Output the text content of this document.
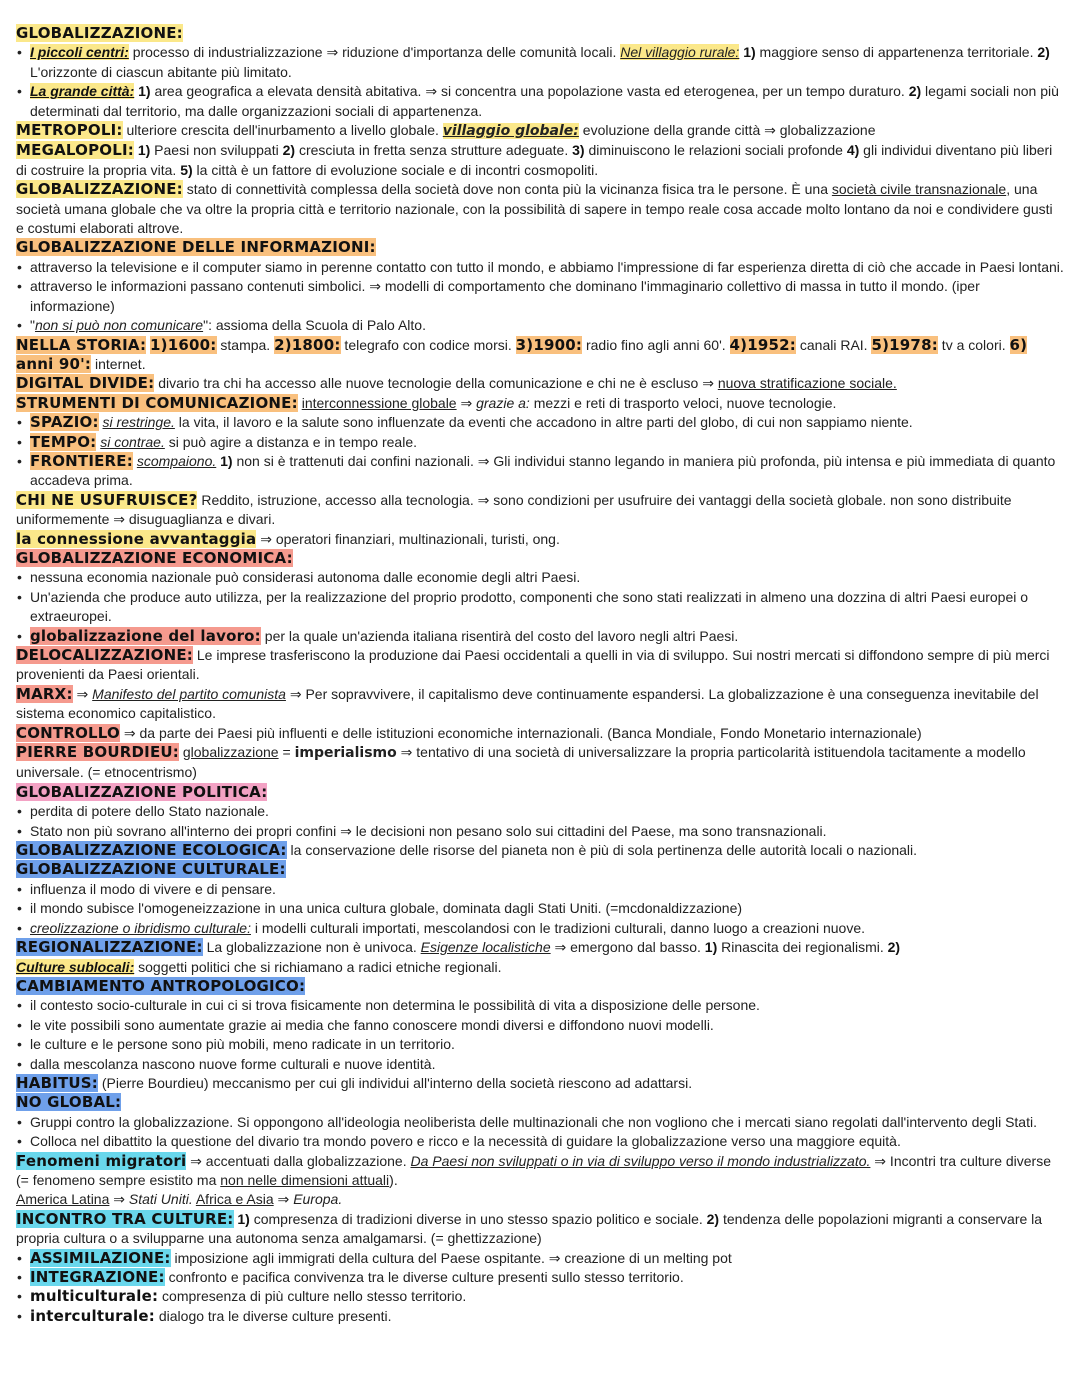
GLOBALIZZAZIONE:
• I piccoli centri: processo di industrializzazione ⇒ riduzione d'importanza delle comunità locali. Nel villaggio rurale: 1) maggiore senso di appartenenza territoriale. 2) L'orizzonte di ciascun abitante più limitato.
• La grande città: 1) area geografica a elevata densità abitativa. ⇒ si concentra una popolazione vasta ed eterogenea, per un tempo duraturo. 2) legami sociali non più determinati dal territorio, ma dalle organizzazioni sociali di appartenenza.
METROPOLI: ulteriore crescita dell'inurbamento a livello globale. villaggio globale: evoluzione della grande città ⇒ globalizzazione
MEGALOPOLI: 1) Paesi non sviluppati 2) cresciuta in fretta senza strutture adeguate. 3) diminuiscono le relazioni sociali profonde 4) gli individui diventano più liberi di costruire la propria vita. 5) la città è un fattore di evoluzione sociale e di incontri cosmopoliti.
GLOBALIZZAZIONE: stato di connettività complessa della società dove non conta più la vicinanza fisica tra le persone. È una società civile transnazionale, una società umana globale che va oltre la propria città e territorio nazionale, con la possibilità di sapere in tempo reale cosa accade molto lontano da noi e condividere gusti e costumi elaborati altrove.
GLOBALIZZAZIONE DELLE INFORMAZIONI:
• attraverso la televisione e il computer siamo in perenne contatto con tutto il mondo, e abbiamo l'impressione di far esperienza diretta di ciò che accade in Paesi lontani.
• attraverso le informazioni passano contenuti simbolici. ⇒ modelli di comportamento che dominano l'immaginario collettivo di massa in tutto il mondo. (iper informazione)
• "non si può non comunicare": assioma della Scuola di Palo Alto.
NELLA STORIA: 1)1600: stampa. 2)1800: telegrafo con codice morsi. 3)1900: radio fino agli anni 60'. 4)1952: canali RAI. 5)1978: tv a colori. 6) anni 90': internet.
DIGITAL DIVIDE: divario tra chi ha accesso alle nuove tecnologie della comunicazione e chi ne è escluso ⇒ nuova stratificazione sociale.
STRUMENTI DI COMUNICAZIONE: interconnessione globale ⇒ grazie a: mezzi e reti di trasporto veloci, nuove tecnologie.
• SPAZIO: si restringe. la vita, il lavoro e la salute sono influenzate da eventi che accadono in altre parti del globo, di cui non sappiamo niente.
• TEMPO: si contrae. si può agire a distanza e in tempo reale.
• FRONTIERE: scompaiono. 1) non si è trattenuti dai confini nazionali. ⇒ Gli individui stanno legando in maniera più profonda, più intensa e più immediata di quanto accadeva prima.
CHI NE USUFRUISCE? Reddito, istruzione, accesso alla tecnologia. ⇒ sono condizioni per usufruire dei vantaggi della società globale. non sono distribuite uniformemente ⇒ disuguaglianza e divari.
la connessione avvantaggia ⇒ operatori finanziari, multinazionali, turisti, ong.
GLOBALIZZAZIONE ECONOMICA:
• nessuna economia nazionale può considerasi autonoma dalle economie degli altri Paesi.
• Un'azienda che produce auto utilizza, per la realizzazione del proprio prodotto, componenti che sono stati realizzati in almeno una dozzina di altri Paesi europei o extraeuropei.
• globalizzazione del lavoro: per la quale un'azienda italiana risentirà del costo del lavoro negli altri Paesi.
DELOCALIZZAZIONE: Le imprese trasferiscono la produzione dai Paesi occidentali a quelli in via di sviluppo. Sui nostri mercati si diffondono sempre di più merci provenienti da Paesi orientali.
MARX: ⇒ Manifesto del partito comunista ⇒ Per sopravvivere, il capitalismo deve continuamente espandersi. La globalizzazione è una conseguenza inevitabile del sistema economico capitalistico.
CONTROLLO ⇒ da parte dei Paesi più influenti e delle istituzioni economiche internazionali. (Banca Mondiale, Fondo Monetario internazionale)
PIERRE BOURDIEU: globalizzazione = imperialismo ⇒ tentativo di una società di universalizzare la propria particolarità istituendola tacitamente a modello universale. (= etnocentrismo)
GLOBALIZZAZIONE POLITICA:
• perdita di potere dello Stato nazionale.
• Stato non più sovrano all'interno dei propri confini ⇒ le decisioni non pesano solo sui cittadini del Paese, ma sono transnazionali.
GLOBALIZZAZIONE ECOLOGICA: la conservazione delle risorse del pianeta non è più di sola pertinenza delle autorità locali o nazionali.
GLOBALIZZAZIONE CULTURALE:
• influenza il modo di vivere e di pensare.
• il mondo subisce l'omogeneizzazione in una unica cultura globale, dominata dagli Stati Uniti. (=mcdonaldizzazione)
• creolizzazione o ibridismo culturale: i modelli culturali importati, mescolandosi con le tradizioni culturali, danno luogo a creazioni nuove.
REGIONALIZZAZIONE: La globalizzazione non è univoca. Esigenze localistiche ⇒ emergono dal basso. 1) Rinascita dei regionalismi. 2)
Culture sublocali: soggetti politici che si richiamano a radici etniche regionali.
CAMBIAMENTO ANTROPOLOGICO:
• il contesto socio-culturale in cui ci si trova fisicamente non determina le possibilità di vita a disposizione delle persone.
• le vite possibili sono aumentate grazie ai media che fanno conoscere mondi diversi e diffondono nuovi modelli.
• le culture e le persone sono più mobili, meno radicate in un territorio.
• dalla mescolanza nascono nuove forme culturali e nuove identità.
HABITUS: (Pierre Bourdieu) meccanismo per cui gli individui all'interno della società riescono ad adattarsi.
NO GLOBAL:
• Gruppi contro la globalizzazione. Si oppongono all'ideologia neoliberista delle multinazionali che non vogliono che i mercati siano regolati dall'intervento degli Stati.
• Colloca nel dibattito la questione del divario tra mondo povero e ricco e la necessità di guidare la globalizzazione verso una maggiore equità.
Fenomeni migratori ⇒ accentuati dalla globalizzazione. Da Paesi non sviluppati o in via di sviluppo verso il mondo industrializzato. ⇒ Incontri tra culture diverse (= fenomeno sempre esistito ma non nelle dimensioni attuali).
America Latina ⇒ Stati Uniti. Africa e Asia ⇒ Europa.
INCONTRO TRA CULTURE: 1) compresenza di tradizioni diverse in uno stesso spazio politico e sociale. 2) tendenza delle popolazioni migranti a conservare la propria cultura o a svilupparne una autonoma senza amalgamarsi. (= ghettizzazione)
• ASSIMILAZIONE: imposizione agli immigrati della cultura del Paese ospitante. ⇒ creazione di un melting pot
• INTEGRAZIONE: confronto e pacifica convivenza tra le diverse culture presenti sullo stesso territorio.
• multiculturale: compresenza di più culture nello stesso territorio.
• interculturale: dialogo tra le diverse culture presenti.
